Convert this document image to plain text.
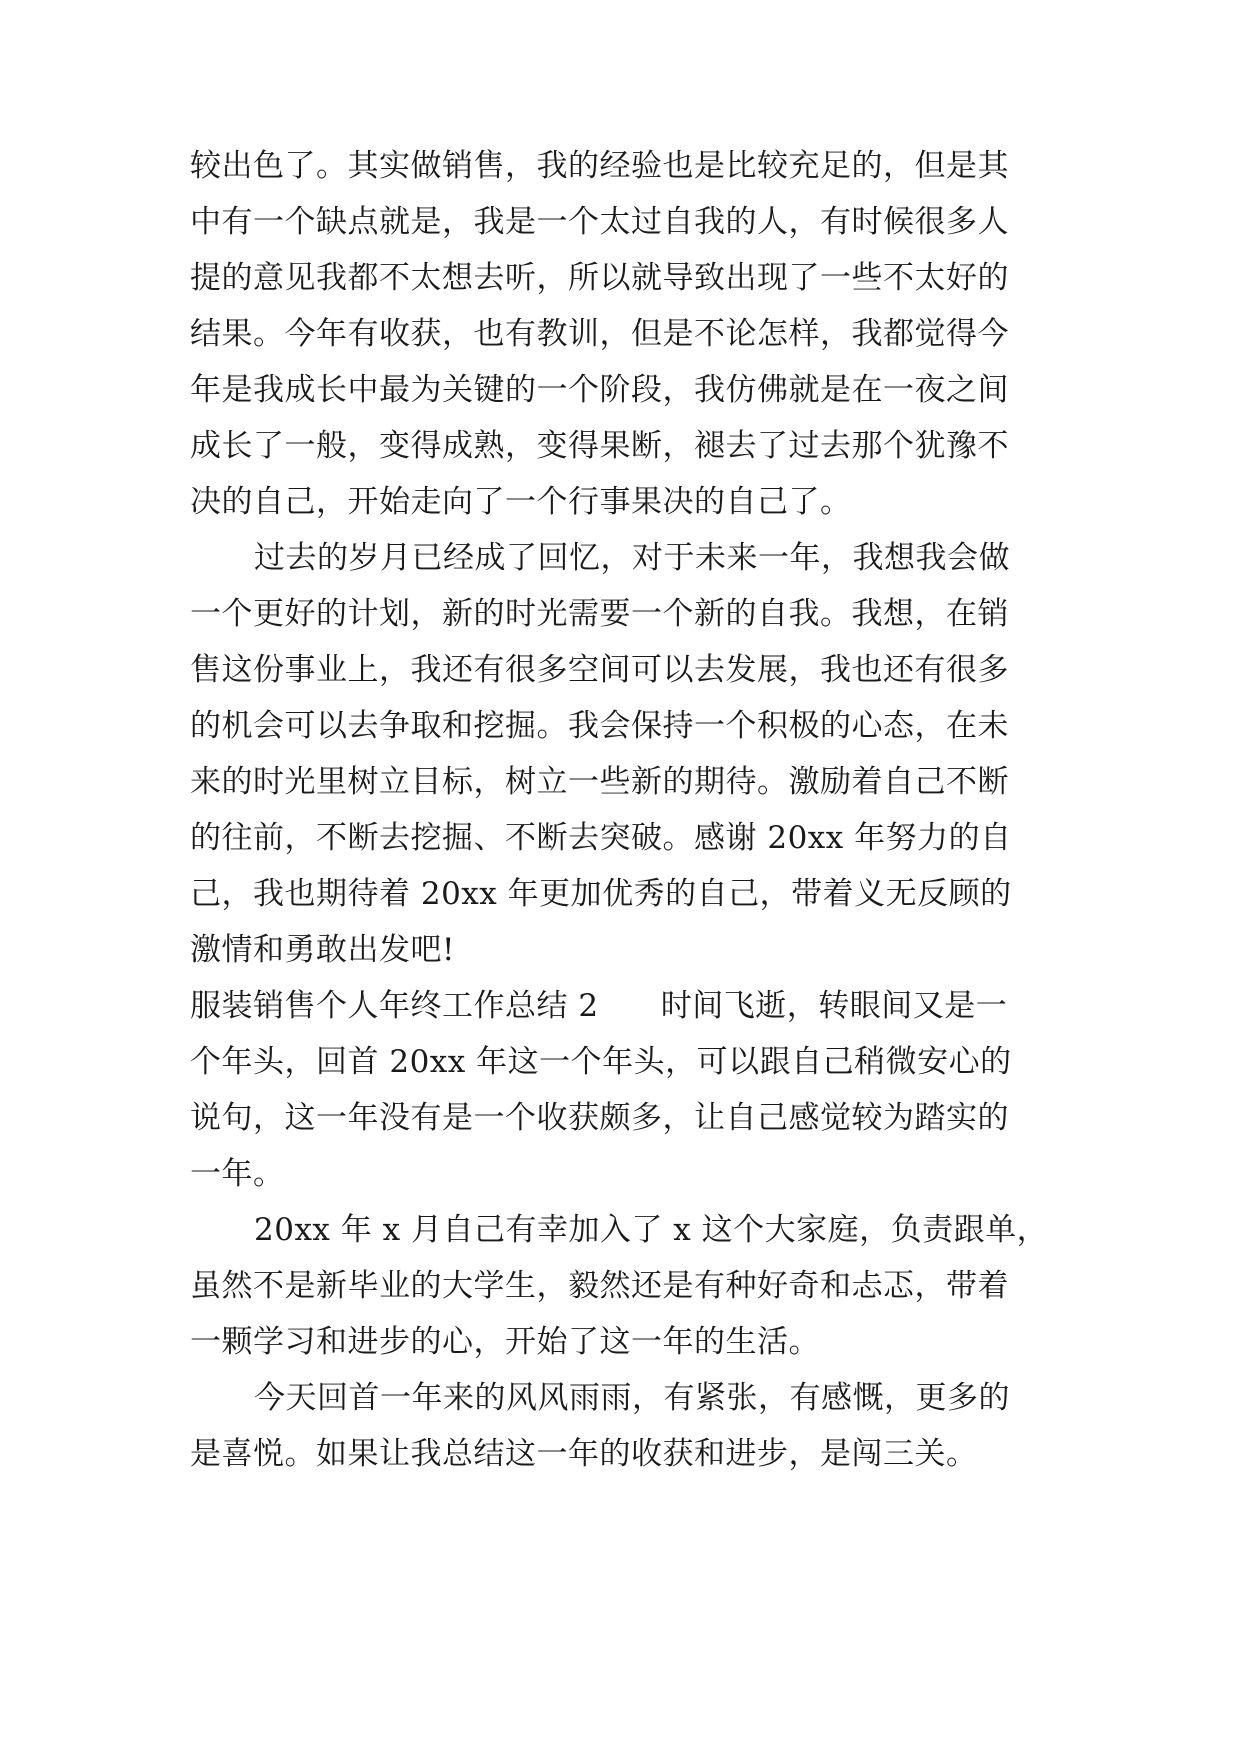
较出色了。其实做销售，我的经验也是比较充足的，但是其
中有一个缺点就是，我是一个太过自我的人，有时候很多人
提的意见我都不太想去听，所以就导致出现了一些不太好的
结果。今年有收获，也有教训，但是不论怎样，我都觉得今
年是我成长中最为关键的一个阶段，我仿佛就是在一夜之间
成长了一般，变得成熟，变得果断，褪去了过去那个犹豫不
决的自己，开始走向了一个行事果决的自己了。
过去的岁月已经成了回忆，对于未来一年，我想我会做
一个更好的计划，新的时光需要一个新的自我。我想，在销
售这份事业上，我还有很多空间可以去发展，我也还有很多
的机会可以去争取和挖掘。我会保持一个积极的心态，在未
来的时光里树立目标，树立一些新的期待。激励着自己不断
的往前，不断去挖掘、不断去突破。感谢 20xx 年努力的自
己，我也期待着 20xx 年更加优秀的自己，带着义无反顾的
激情和勇敢出发吧!
服装销售个人年终工作总结 2      时间飞逝，转眼间又是一
个年头，回首 20xx 年这一个年头，可以跟自己稍微安心的
说句，这一年没有是一个收获颇多，让自己感觉较为踏实的
一年。
20xx 年 x 月自己有幸加入了 x 这个大家庭，负责跟单，
虽然不是新毕业的大学生，毅然还是有种好奇和忐忑，带着
一颗学习和进步的心，开始了这一年的生活。
今天回首一年来的风风雨雨，有紧张，有感慨，更多的
是喜悦。如果让我总结这一年的收获和进步，是闯三关。
